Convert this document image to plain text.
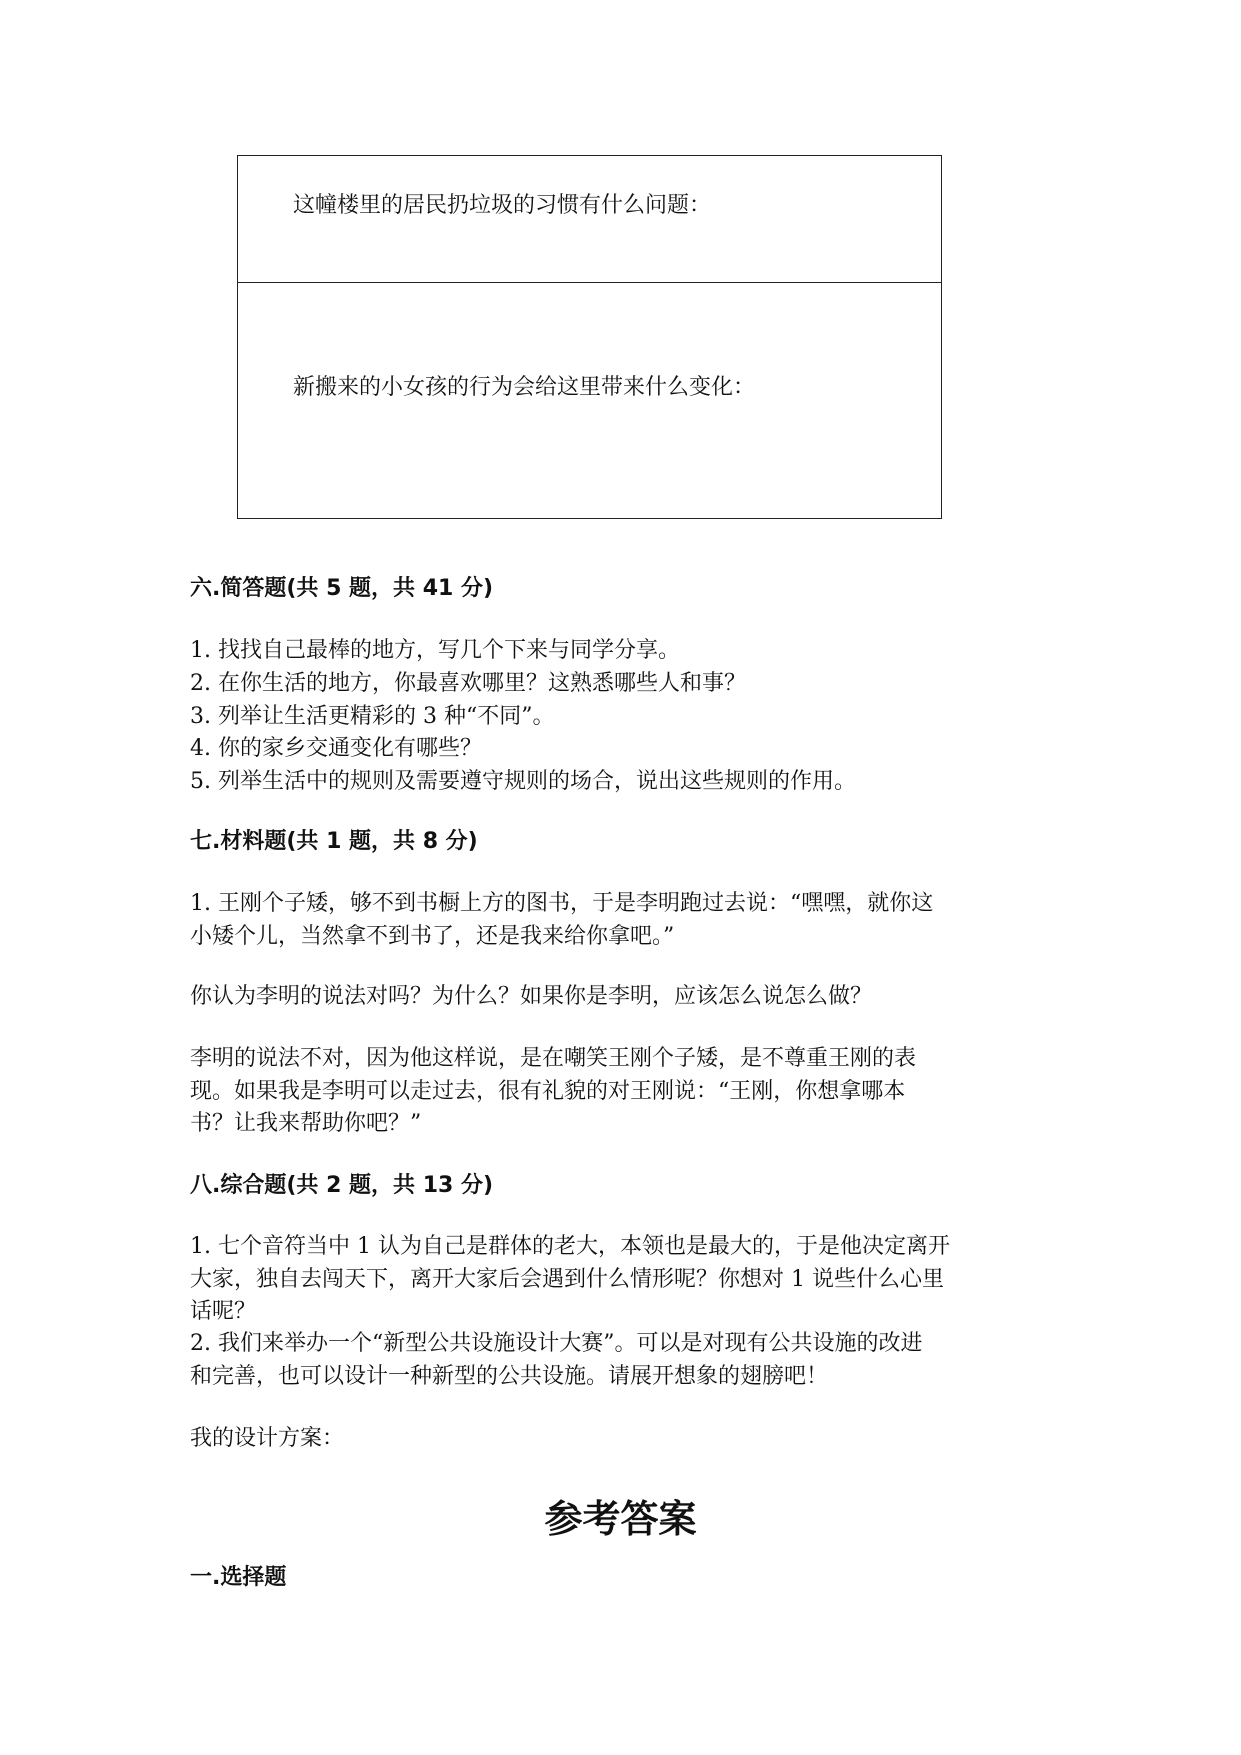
这幢楼里的居民扔垃圾的习惯有什么问题：
新搬来的小女孩的行为会给这里带来什么变化：
六.简答题(共 5 题，共 41 分)
1. 找找自己最棒的地方，写几个下来与同学分享。
2. 在你生活的地方，你最喜欢哪里？这熟悉哪些人和事？
3. 列举让生活更精彩的 3 种“不同”。
4. 你的家乡交通变化有哪些？
5. 列举生活中的规则及需要遵守规则的场合，说出这些规则的作用。
七.材料题(共 1 题，共 8 分)
1. 王刚个子矮，够不到书橱上方的图书，于是李明跑过去说：“嘿嘿，就你这
小矮个儿，当然拿不到书了，还是我来给你拿吧。”
你认为李明的说法对吗？为什么？如果你是李明，应该怎么说怎么做？
李明的说法不对，因为他这样说，是在嘲笑王刚个子矮，是不尊重王刚的表
现。如果我是李明可以走过去，很有礼貌的对王刚说：“王刚，你想拿哪本
书？让我来帮助你吧？”
八.综合题(共 2 题，共 13 分)
1. 七个音符当中 1 认为自己是群体的老大，本领也是最大的，于是他决定离开
大家，独自去闯天下，离开大家后会遇到什么情形呢？你想对 1 说些什么心里
话呢？
2. 我们来举办一个“新型公共设施设计大赛”。可以是对现有公共设施的改进
和完善，也可以设计一种新型的公共设施。请展开想象的翅膀吧！
我的设计方案：
参考答案
一.选择题
